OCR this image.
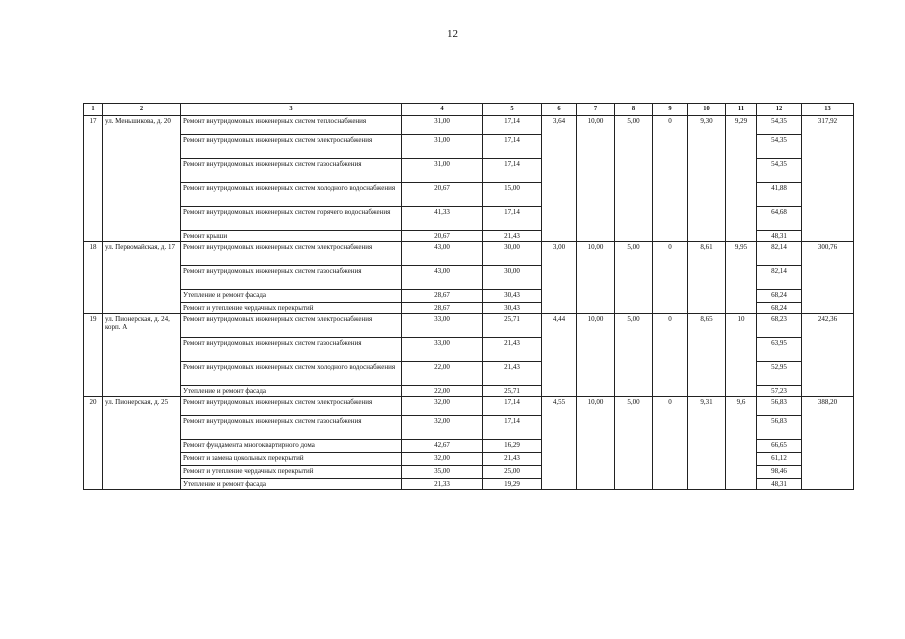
12
1	2	3	4	5	6	7	8	9	10	11	12	13
17	ул. Меньшикова, д. 20	Ремонт внутридомовых инженерных систем теплоснабжения	31,00	17,14	3,64	10,00	5,00	0	9,30	9,29	54,35	317,92
		Ремонт внутридомовых инженерных систем электроснабжения	31,00	17,14							54,35	
		Ремонт внутридомовых инженерных систем газоснабжения	31,00	17,14							54,35	
		Ремонт внутридомовых инженерных систем холодного водоснабжения	20,67	15,00							41,88	
		Ремонт внутридомовых инженерных систем горячего водоснабжения	41,33	17,14							64,68	
		Ремонт крыши	20,67	21,43							48,31	
18	ул. Первомайская, д. 17	Ремонт внутридомовых инженерных систем электроснабжения	43,00	30,00	3,00	10,00	5,00	0	8,61	9,95	82,14	300,76
		Ремонт внутридомовых инженерных систем газоснабжения	43,00	30,00							82,14	
		Утепление и ремонт фасада	28,67	30,43							68,24	
		Ремонт и утепление чердачных перекрытий	28,67	30,43							68,24	
19	ул. Пионерская, д. 24, корп. А	Ремонт внутридомовых инженерных систем электроснабжения	33,00	25,71	4,44	10,00	5,00	0	8,65	10	68,23	242,36
		Ремонт внутридомовых инженерных систем газоснабжения	33,00	21,43							63,95	
		Ремонт внутридомовых инженерных систем холодного водоснабжения	22,00	21,43							52,95	
		Утепление и ремонт фасада	22,00	25,71							57,23	
20	ул. Пионерская, д. 25	Ремонт внутридомовых инженерных систем электроснабжения	32,00	17,14	4,55	10,00	5,00	0	9,31	9,6	56,83	388,20
		Ремонт внутридомовых инженерных систем газоснабжения	32,00	17,14							56,83	
		Ремонт фундамента многоквартирного дома	42,67	16,29							66,65	
		Ремонт и замена цокольных перекрытий	32,00	21,43							61,12	
		Ремонт и утепление чердачных перекрытий	35,00	25,00							98,46	
		Утепление и ремонт фасада	21,33	19,29							48,31	
